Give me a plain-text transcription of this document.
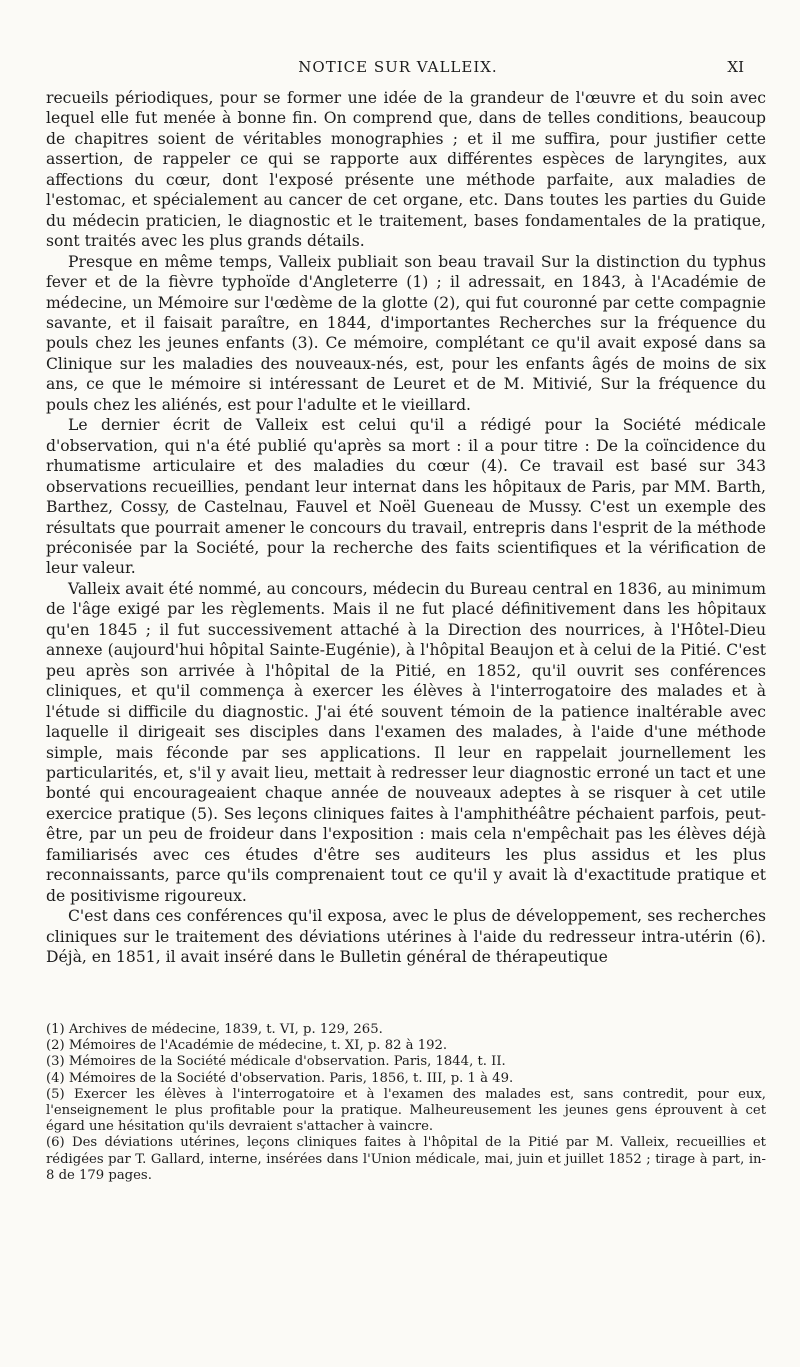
NOTICE SUR VALLEIX.	XI

recueils périodiques, pour se former une idée de la grandeur de l'œuvre et du soin avec lequel elle fut menée à bonne fin. On comprend que, dans de telles conditions, beaucoup de chapitres soient de véritables monographies ; et il me suffira, pour justifier cette assertion, de rappeler ce qui se rapporte aux différentes espèces de laryngites, aux affections du cœur, dont l'exposé présente une méthode parfaite, aux maladies de l'estomac, et spécialement au cancer de cet organe, etc. Dans toutes les parties du Guide du médecin praticien, le diagnostic et le traitement, bases fondamentales de la pratique, sont traités avec les plus grands détails.

Presque en même temps, Valleix publiait son beau travail Sur la distinction du typhus fever et de la fièvre typhoïde d'Angleterre (1) ; il adressait, en 1843, à l'Académie de médecine, un Mémoire sur l'œdème de la glotte (2), qui fut couronné par cette compagnie savante, et il faisait paraître, en 1844, d'importantes Recherches sur la fréquence du pouls chez les jeunes enfants (3). Ce mémoire, complétant ce qu'il avait exposé dans sa Clinique sur les maladies des nouveaux-nés, est, pour les enfants âgés de moins de six ans, ce que le mémoire si intéressant de Leuret et de M. Mitivié, Sur la fréquence du pouls chez les aliénés, est pour l'adulte et le vieillard.

Le dernier écrit de Valleix est celui qu'il a rédigé pour la Société médicale d'observation, qui n'a été publié qu'après sa mort : il a pour titre : De la coïncidence du rhumatisme articulaire et des maladies du cœur (4). Ce travail est basé sur 343 observations recueillies, pendant leur internat dans les hôpitaux de Paris, par MM. Barth, Barthez, Cossy, de Castelnau, Fauvel et Noël Gueneau de Mussy. C'est un exemple des résultats que pourrait amener le concours du travail, entrepris dans l'esprit de la méthode préconisée par la Société, pour la recherche des faits scientifiques et la vérification de leur valeur.

Valleix avait été nommé, au concours, médecin du Bureau central en 1836, au minimum de l'âge exigé par les règlements. Mais il ne fut placé définitivement dans les hôpitaux qu'en 1845 ; il fut successivement attaché à la Direction des nourrices, à l'Hôtel-Dieu annexe (aujourd'hui hôpital Sainte-Eugénie), à l'hôpital Beaujon et à celui de la Pitié. C'est peu après son arrivée à l'hôpital de la Pitié, en 1852, qu'il ouvrit ses conférences cliniques, et qu'il commença à exercer les élèves à l'interrogatoire des malades et à l'étude si difficile du diagnostic. J'ai été souvent témoin de la patience inaltérable avec laquelle il dirigeait ses disciples dans l'examen des malades, à l'aide d'une méthode simple, mais féconde par ses applications. Il leur en rappelait journellement les particularités, et, s'il y avait lieu, mettait à redresser leur diagnostic erroné un tact et une bonté qui encourageaient chaque année de nouveaux adeptes à se risquer à cet utile exercice pratique (5). Ses leçons cliniques faites à l'amphithéâtre péchaient parfois, peut-être, par un peu de froideur dans l'exposition : mais cela n'empêchait pas les élèves déjà familiarisés avec ces études d'être ses auditeurs les plus assidus et les plus reconnaissants, parce qu'ils comprenaient tout ce qu'il y avait là d'exactitude pratique et de positivisme rigoureux.

C'est dans ces conférences qu'il exposa, avec le plus de développement, ses recherches cliniques sur le traitement des déviations utérines à l'aide du redresseur intra-utérin (6). Déjà, en 1851, il avait inséré dans le Bulletin général de thérapeutique

(1) Archives de médecine, 1839, t. VI, p. 129, 265.

(2) Mémoires de l'Académie de médecine, t. XI, p. 82 à 192.

(3) Mémoires de la Société médicale d'observation. Paris, 1844, t. II.

(4) Mémoires de la Société d'observation. Paris, 1856, t. III, p. 1 à 49.

(5) Exercer les élèves à l'interrogatoire et à l'examen des malades est, sans contredit, pour eux, l'enseignement le plus profitable pour la pratique. Malheureusement les jeunes gens éprouvent à cet égard une hésitation qu'ils devraient s'attacher à vaincre.

(6) Des déviations utérines, leçons cliniques faites à l'hôpital de la Pitié par M. Valleix, recueillies et rédigées par T. Gallard, interne, insérées dans l'Union médicale, mai, juin et juillet 1852 ; tirage à part, in-8 de 179 pages.
